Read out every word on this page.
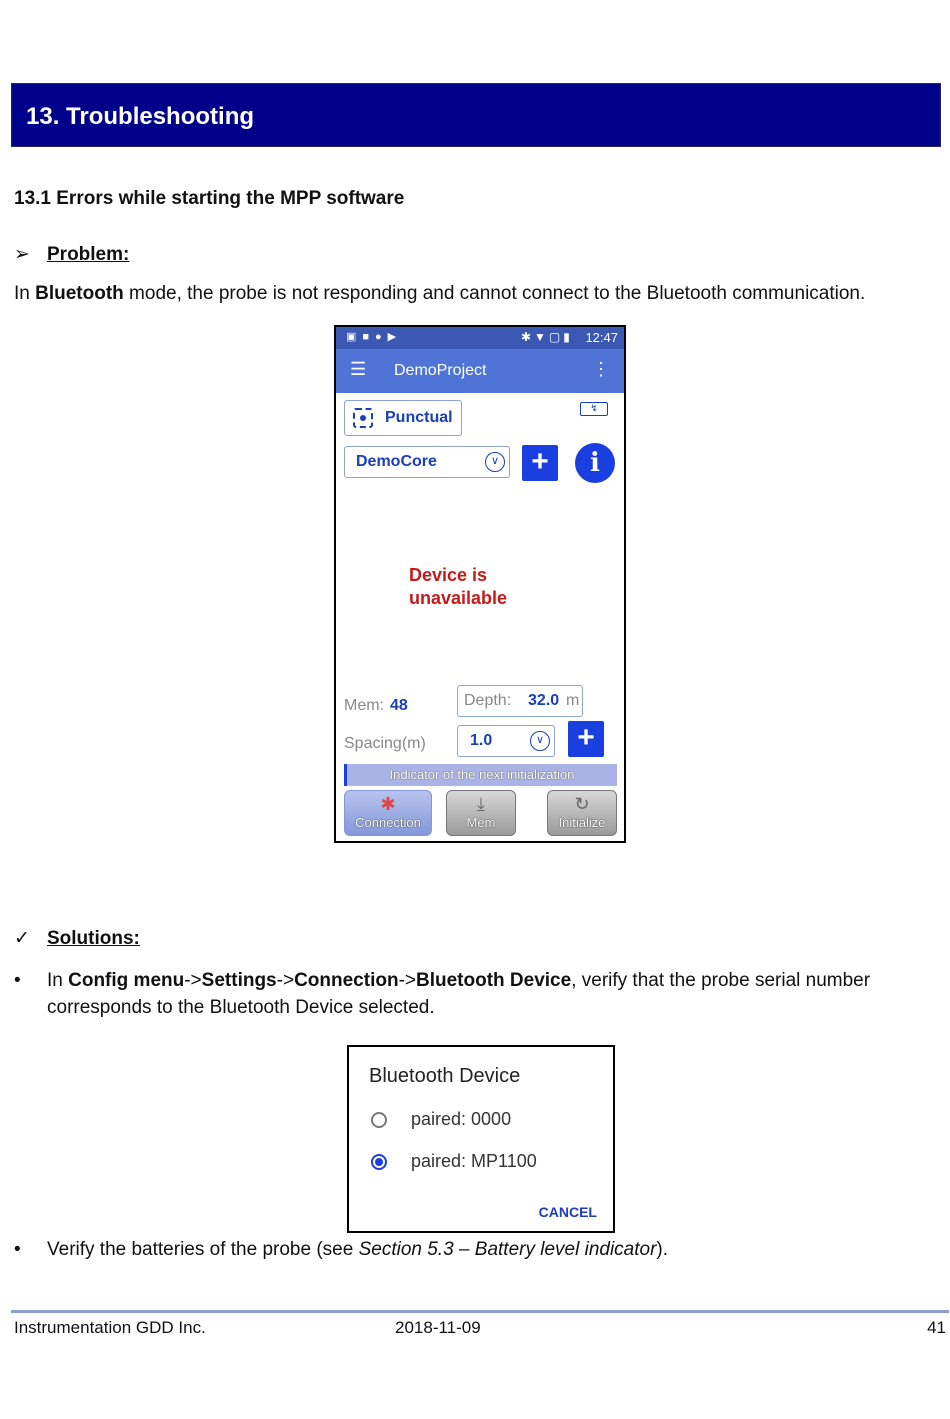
13. Troubleshooting
13.1 Errors while starting the MPP software
➢ Problem:
In Bluetooth mode, the probe is not responding and cannot connect to the Bluetooth communication.
▣■●▶	✱▼▢▮ 12:47
☰ DemoProject	⋮
Punctual
↯
DemoCore	∨	+	i
Device is
unavailable
Mem: 48	Depth: 32.0 m
Spacing(m)	1.0	∨	+
Indicator of the next initialization
✱
Connection
⤓
Mem
↻
Initialize
✓ Solutions:
• In Config menu->Settings->Connection->Bluetooth Device, verify that the probe serial number corresponds to the Bluetooth Device selected.
Bluetooth Device
paired: 0000
paired: MP1100
CANCEL
• Verify the batteries of the probe (see Section 5.3 – Battery level indicator).
Instrumentation GDD Inc.	2018-11-09	41
